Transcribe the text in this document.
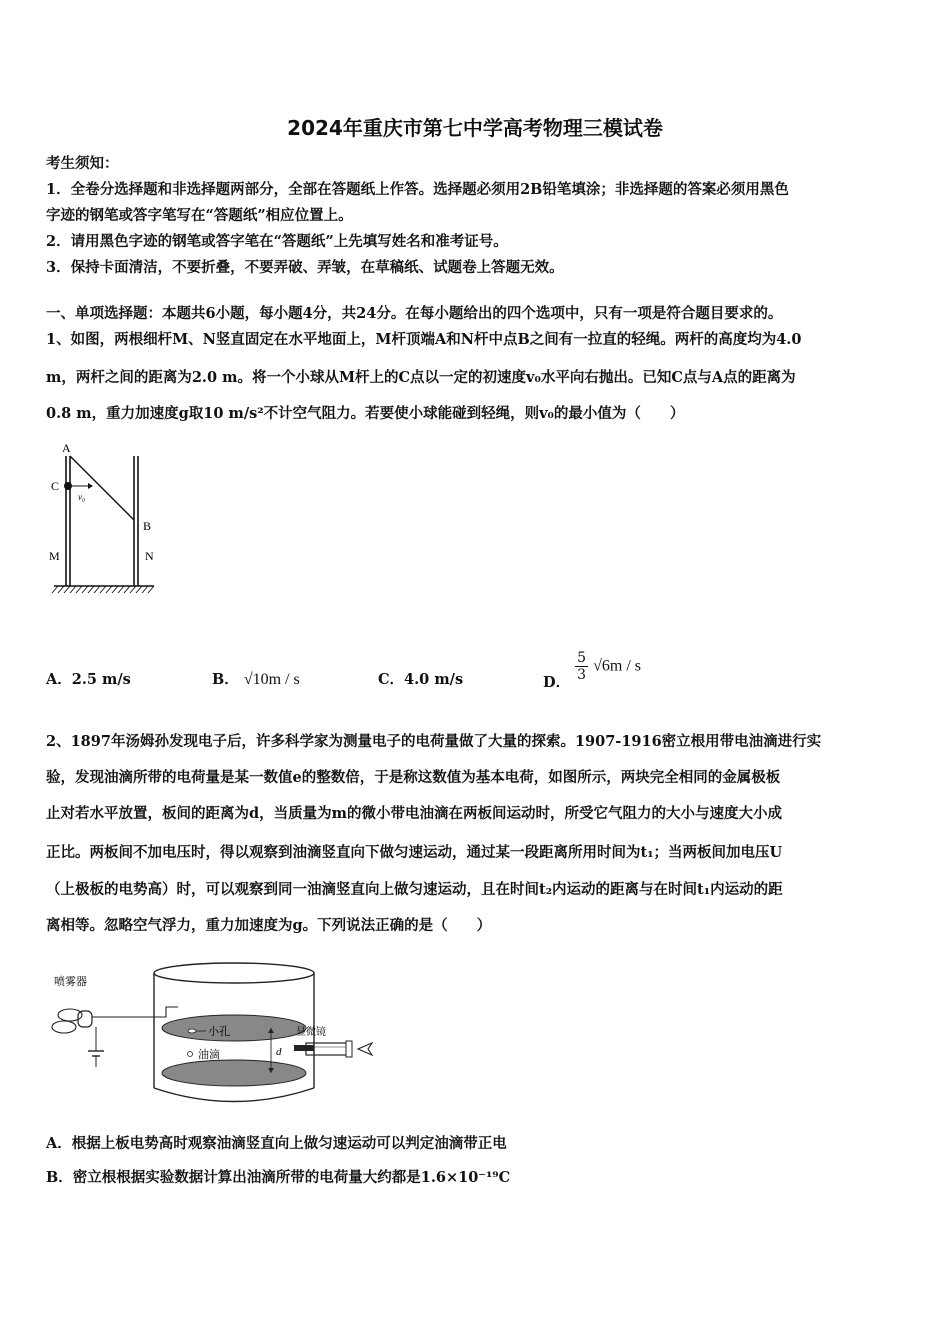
2024年重庆市第七中学高考物理三模试卷
考生须知：
1．全卷分选择题和非选择题两部分，全部在答题纸上作答。选择题必须用2B铅笔填涂；非选择题的答案必须用黑色
字迹的钢笔或答字笔写在“答题纸”相应位置上。
2．请用黑色字迹的钢笔或答字笔在“答题纸”上先填写姓名和准考证号。
3．保持卡面清洁，不要折叠，不要弄破、弄皱，在草稿纸、试题卷上答题无效。
一、单项选择题：本题共6小题，每小题4分，共24分。在每小题给出的四个选项中，只有一项是符合题目要求的。
1、如图，两根细杆M、N竖直固定在水平地面上，M杆顶端A和N杆中点B之间有一拉直的轻绳。两杆的高度均为4.0
m，两杆之间的距离为2.0 m。将一个小球从M杆上的C点以一定的初速度v₀水平向右抛出。已知C点与A点的距离为
0.8 m，重力加速度g取10 m/s²不计空气阻力。若要使小球能碰到轻绳，则v₀的最小值为（　　）
A
C
v₀
B
M	N
A．2.5 m/s	B． √10m / s	C．4.0 m/s	D． $\frac{5}{3} √6m$ / s
2、1897年汤姆孙发现电子后，许多科学家为测量电子的电荷量做了大量的探索。1907-1916密立根用带电油滴进行实
验，发现油滴所带的电荷量是某一数值e的整数倍，于是称这数值为基本电荷，如图所示，两块完全相同的金属极板
止对若水平放置，板间的距离为d，当质量为m的微小带电油滴在两板间运动时，所受它气阻力的大小与速度大小成
正比。两板间不加电压时，得以观察到油滴竖直向下做匀速运动，通过某一段距离所用时间为t₁；当两板间加电压U
（上极板的电势高）时，可以观察到同一油滴竖直向上做匀速运动，且在时间t₂内运动的距离与在时间t₁内运动的距
离相等。忽略空气浮力，重力加速度为g。下列说法正确的是（　　）
小孔
油滴
喷雾器
d
显微镜
A．根据上板电势高时观察油滴竖直向上做匀速运动可以判定油滴带正电
B．密立根根据实验数据计算出油滴所带的电荷量大约都是1.6×10⁻¹⁹C
